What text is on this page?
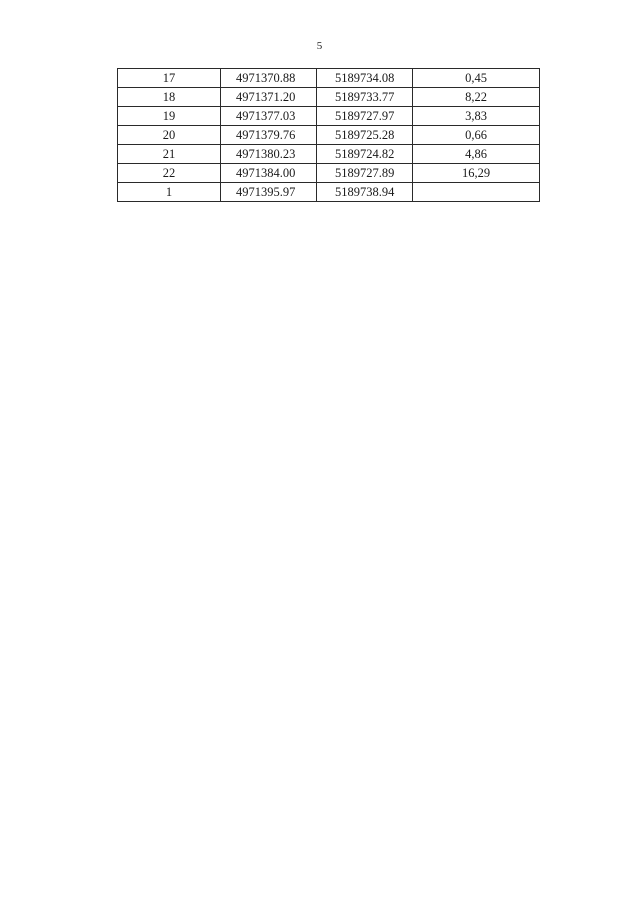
5
17	4971370.88	5189734.08	0,45
18	4971371.20	5189733.77	8,22
19	4971377.03	5189727.97	3,83
20	4971379.76	5189725.28	0,66
21	4971380.23	5189724.82	4,86
22	4971384.00	5189727.89	16,29
1	4971395.97	5189738.94	
